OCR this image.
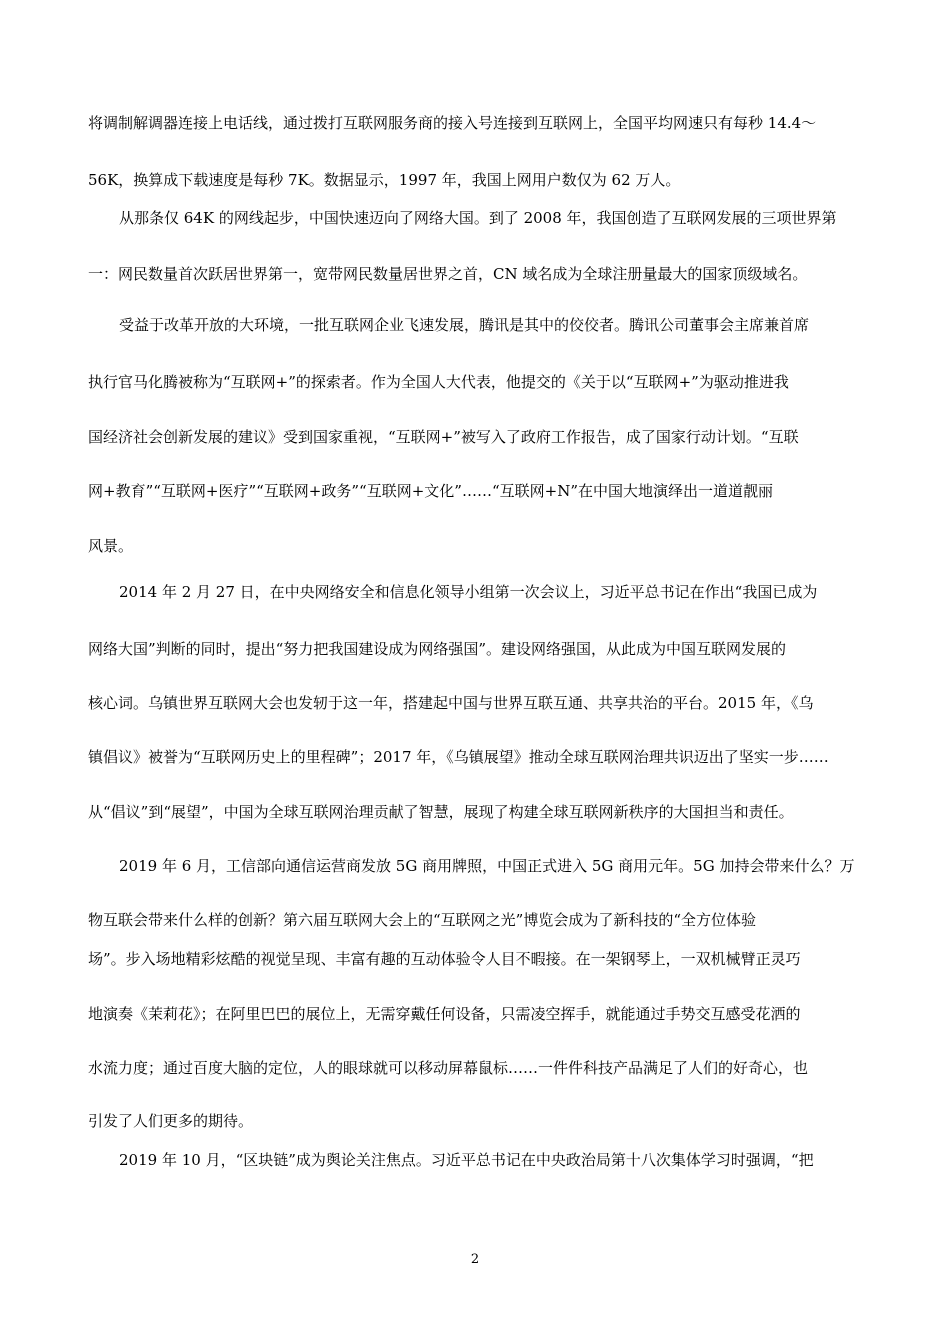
将调制解调器连接上电话线，通过拨打互联网服务商的接入号连接到互联网上，全国平均网速只有每秒 14.4～
56K，换算成下载速度是每秒 7K。数据显示，1997 年，我国上网用户数仅为 62 万人。
从那条仅 64K 的网线起步，中国快速迈向了网络大国。到了 2008 年，我国创造了互联网发展的三项世界第
一：网民数量首次跃居世界第一，宽带网民数量居世界之首，CN 域名成为全球注册量最大的国家顶级域名。
受益于改革开放的大环境，一批互联网企业飞速发展，腾讯是其中的佼佼者。腾讯公司董事会主席兼首席
执行官马化腾被称为“互联网+”的探索者。作为全国人大代表，他提交的《关于以“互联网+”为驱动推进我
国经济社会创新发展的建议》受到国家重视，“互联网+”被写入了政府工作报告，成了国家行动计划。“互联
网+教育”“互联网+医疗”“互联网+政务”“互联网+文化”……“互联网+N”在中国大地演绎出一道道靓丽
风景。
2014 年 2 月 27 日，在中央网络安全和信息化领导小组第一次会议上，习近平总书记在作出“我国已成为
网络大国”判断的同时，提出“努力把我国建设成为网络强国”。建设网络强国，从此成为中国互联网发展的
核心词。乌镇世界互联网大会也发轫于这一年，搭建起中国与世界互联互通、共享共治的平台。2015 年，《乌
镇倡议》被誉为“互联网历史上的里程碑”；2017 年，《乌镇展望》推动全球互联网治理共识迈出了坚实一步……
从“倡议”到“展望”，中国为全球互联网治理贡献了智慧，展现了构建全球互联网新秩序的大国担当和责任。
2019 年 6 月，工信部向通信运营商发放 5G 商用牌照，中国正式进入 5G 商用元年。5G 加持会带来什么？万
物互联会带来什么样的创新？第六届互联网大会上的“互联网之光”博览会成为了新科技的“全方位体验
场”。步入场地精彩炫酷的视觉呈现、丰富有趣的互动体验令人目不暇接。在一架钢琴上，一双机械臂正灵巧
地演奏《茉莉花》；在阿里巴巴的展位上，无需穿戴任何设备，只需凌空挥手，就能通过手势交互感受花洒的
水流力度；通过百度大脑的定位，人的眼球就可以移动屏幕鼠标……一件件科技产品满足了人们的好奇心，也
引发了人们更多的期待。
2019 年 10 月，“区块链”成为舆论关注焦点。习近平总书记在中央政治局第十八次集体学习时强调，“把
2
